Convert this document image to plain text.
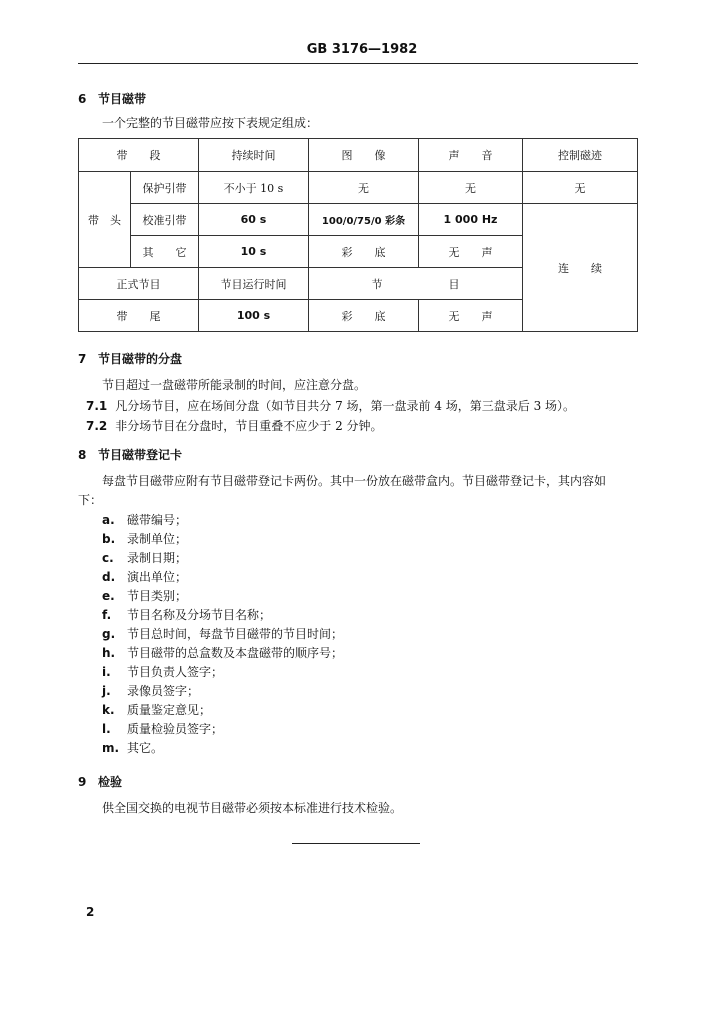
GB 3176—1982
6 节目磁带
一个完整的节目磁带应按下表规定组成：
带　　段		持续时间	图　　像	声　　音	控制磁迹
带　头	保护引带	不小于 10 s	无	无	无
	校准引带	60 s	100/0/75/0 彩条	1 000 Hz	连　　续
	其　　它	10 s	彩　　底	无　　声	
正式节目		节目运行时间	节　　　　　　目		
带　　尾		100 s	彩　　底	无　　声	
7 节目磁带的分盘
节目超过一盘磁带所能录制的时间，应注意分盘。
7.1 凡分场节目，应在场间分盘（如节目共分 7 场，第一盘录前 4 场，第三盘录后 3 场）。
7.2 非分场节目在分盘时，节目重叠不应少于 2 分钟。
8 节目磁带登记卡
每盘节目磁带应附有节目磁带登记卡两份。其中一份放在磁带盒内。节目磁带登记卡，其内容如
下：
a. 磁带编号；
b. 录制单位；
c. 录制日期；
d. 演出单位；
e. 节目类别；
f. 节目名称及分场节目名称；
g. 节目总时间，每盘节目磁带的节目时间；
h. 节目磁带的总盒数及本盘磁带的顺序号；
i. 节目负责人签字；
j. 录像员签字；
k. 质量鉴定意见；
l. 质量检验员签字；
m. 其它。
9 检验
供全国交换的电视节目磁带必须按本标准进行技术检验。
2
